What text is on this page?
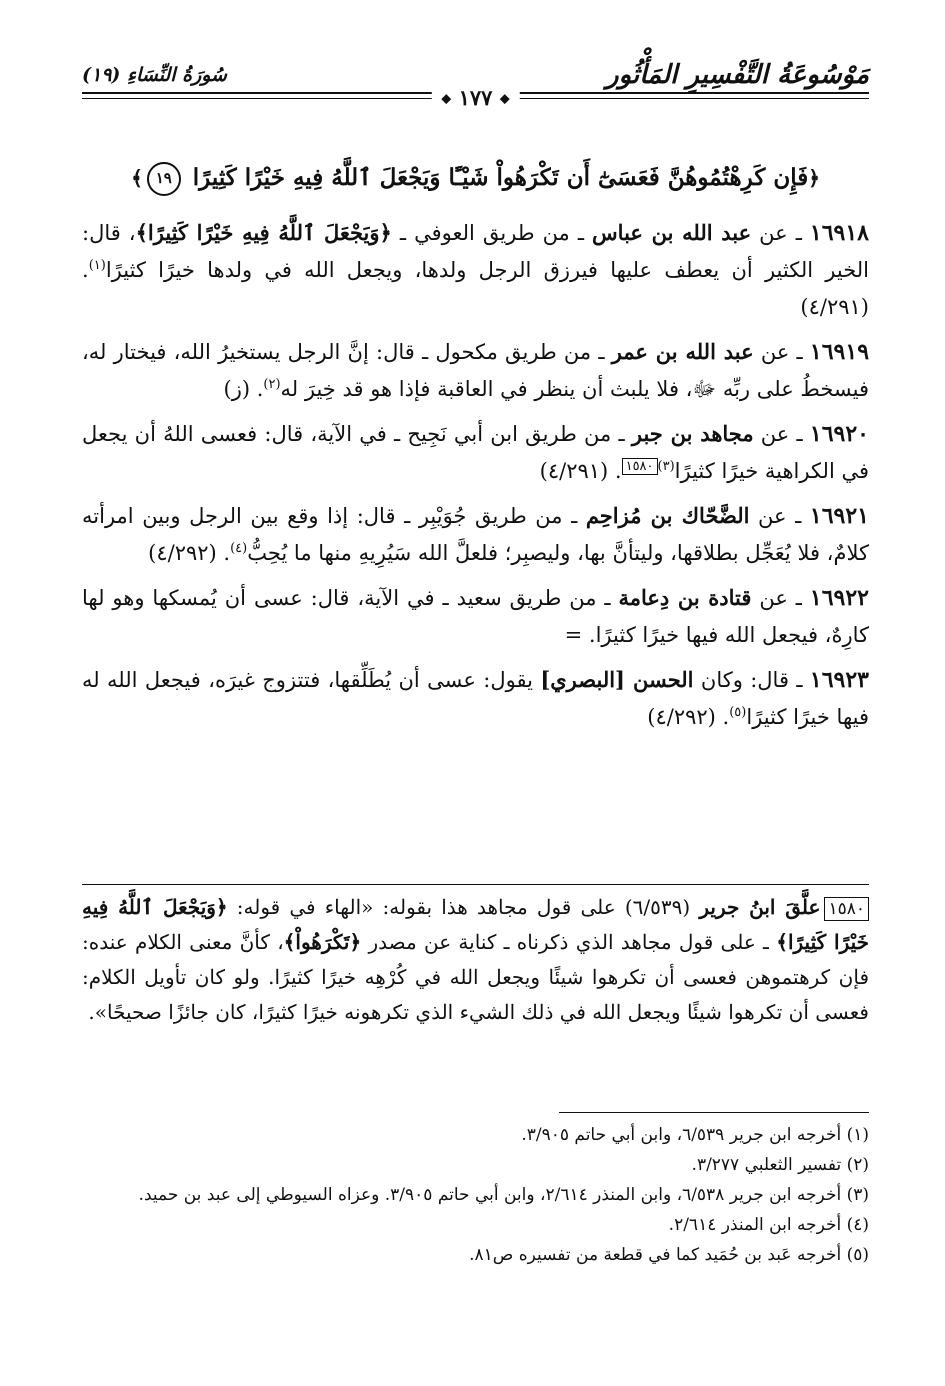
مَوْسُوعَةُ التَّفْسِيرِ المَأْثُور
سُورَةُ النِّسَاءِ (١٩)
◆ ١٧٧ ◆
﴿فَإِن كَرِهْتُمُوهُنَّ فَعَسَىٰٓ أَن تَكْرَهُواْ شَيْـًٔا وَيَجْعَلَ ٱللَّهُ فِيهِ خَيْرًا كَثِيرًا ١٩﴾

١٦٩١٨ ـ عن عبد الله بن عباس ـ من طريق العوفي ـ ﴿وَيَجْعَلَ ٱللَّهُ فِيهِ خَيْرًا كَثِيرًا﴾، قال: الخير الكثير أن يعطف عليها فيرزق الرجل ولدها، ويجعل الله في ولدها خيرًا كثيرًا$^{(١)}$. (٤/٢٩١)

١٦٩١٩ ـ عن عبد الله بن عمر ـ من طريق مكحول ـ قال: إنَّ الرجل يستخيرُ الله، فيختار له، فيسخطُ على ربِّه ﷻ، فلا يلبث أن ينظر في العاقبة فإذا هو قد خِيرَ له$^{(٢)}$. (ز)

١٦٩٢٠ ـ عن مجاهد بن جبر ـ من طريق ابن أبي نَجِيح ـ في الآية، قال: فعسى اللهُ أن يجعل في الكراهية خيرًا كثيرًا$^{(٣)}$١٥٨٠. (٤/٢٩١)

١٦٩٢١ ـ عن الضَّحّاك بن مُزاحِم ـ من طريق جُوَيْبِر ـ قال: إذا وقع بين الرجل وبين امرأته كلامٌ، فلا يُعَجِّل بطلاقها، وليتأنَّ بها، وليصبِر؛ فلعلَّ الله سَيُرِيهِ منها ما يُحِبُّ$^{(٤)}$. (٤/٢٩٢)

١٦٩٢٢ ـ عن قتادة بن دِعامة ـ من طريق سعيد ـ في الآية، قال: عسى أن يُمسكها وهو لها كارِهٌ، فيجعل الله فيها خيرًا كثيرًا. =

١٦٩٢٣ ـ قال: وكان الحسن [البصري] يقول: عسى أن يُطَلِّقها، فتتزوج غيرَه، فيجعل الله له فيها خيرًا كثيرًا$^{(٥)}$. (٤/٢٩٢)

١٥٨٠علَّقَ ابنُ جرير (٦/٥٣٩) على قول مجاهد هذا بقوله: «الهاء في قوله: ﴿وَيَجْعَلَ ٱللَّهُ فِيهِ خَيْرًا كَثِيرًا﴾ ـ على قول مجاهد الذي ذكرناه ـ كناية عن مصدر ﴿تَكْرَهُواْ﴾، كأنَّ معنى الكلام عنده: فإن كرهتموهن فعسى أن تكرهوا شيئًا ويجعل الله في كُرْهِه خيرًا كثيرًا. ولو كان تأويل الكلام: فعسى أن تكرهوا شيئًا ويجعل الله في ذلك الشيء الذي تكرهونه خيرًا كثيرًا، كان جائزًا صحيحًا».

(١) أخرجه ابن جرير ٦/٥٣٩، وابن أبي حاتم ٣/٩٠٥.

(٢) تفسير الثعلبي ٣/٢٧٧.

(٣) أخرجه ابن جرير ٦/٥٣٨، وابن المنذر ٢/٦١٤، وابن أبي حاتم ٣/٩٠٥. وعزاه السيوطي إلى عبد بن حميد.

(٤) أخرجه ابن المنذر ٢/٦١٤.

(٥) أخرجه عَبد بن حُمَيد كما في قطعة من تفسيره ص٨١.
